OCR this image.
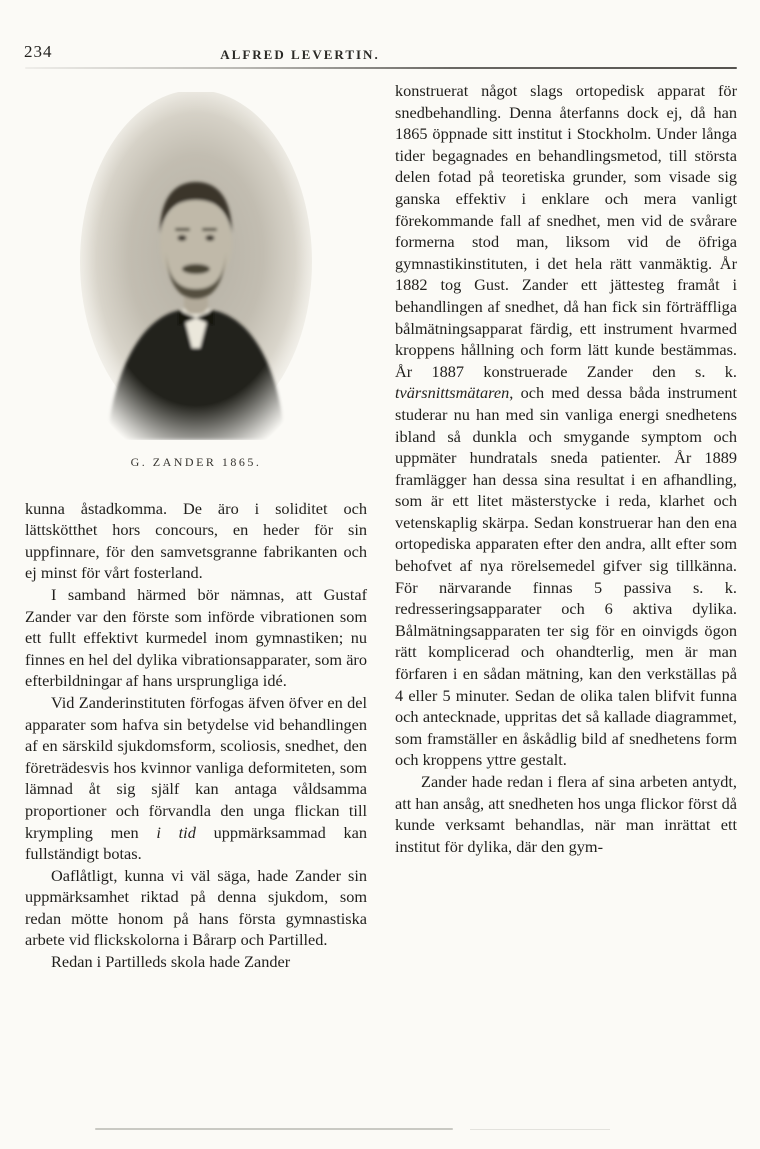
234	ALFRED LEVERTIN.
G. ZANDER 1865.

kunna åstadkomma. De äro i soliditet och lättskötthet hors concours, en heder för sin uppfinnare, för den samvetsgranne fabrikanten och ej minst för vårt fosterland.

I samband härmed bör nämnas, att Gustaf Zander var den förste som införde vibrationen som ett fullt effektivt kurmedel inom gymnastiken; nu finnes en hel del dylika vibrationsapparater, som äro efterbildningar af hans ursprungliga idé.

Vid Zanderinstituten förfogas äfven öfver en del apparater som hafva sin betydelse vid behandlingen af en särskild sjukdomsform, scoliosis, snedhet, den företrädesvis hos kvinnor vanliga deformiteten, som lämnad åt sig själf kan antaga våldsamma proportioner och förvandla den unga flickan till krympling men i tid uppmärksammad kan fullständigt botas.

Oaflåtligt, kunna vi väl säga, hade Zander sin uppmärksamhet riktad på denna sjukdom, som redan mötte honom på hans första gymnastiska arbete vid flickskolorna i Bårarp och Partilled.

Redan i Partilleds skola hade Zander

konstruerat något slags ortopedisk apparat för snedbehandling. Denna återfanns dock ej, då han 1865 öppnade sitt institut i Stockholm. Under långa tider begagnades en behandlingsmetod, till största delen fotad på teoretiska grunder, som visade sig ganska effektiv i enklare och mera vanligt förekommande fall af snedhet, men vid de svårare formerna stod man, liksom vid de öfriga gymnastikinstituten, i det hela rätt vanmäktig. År 1882 tog Gust. Zander ett jättesteg framåt i behandlingen af snedhet, då han fick sin förträffliga bålmätningsapparat färdig, ett instrument hvarmed kroppens hållning och form lätt kunde bestämmas. År 1887 konstruerade Zander den s. k. tvärsnittsmätaren, och med dessa båda instrument studerar nu han med sin vanliga energi snedhetens ibland så dunkla och smygande symptom och uppmäter hundratals sneda patienter. År 1889 framlägger han dessa sina resultat i en afhandling, som är ett litet mästerstycke i reda, klarhet och vetenskaplig skärpa. Sedan konstruerar han den ena ortopediska apparaten efter den andra, allt efter som behofvet af nya rörelsemedel gifver sig tillkänna. För närvarande finnas 5 passiva s. k. redresseringsapparater och 6 aktiva dylika. Bålmätningsapparaten ter sig för en oinvigds ögon rätt komplicerad och ohandterlig, men är man förfaren i en sådan mätning, kan den verkställas på 4 eller 5 minuter. Sedan de olika talen blifvit funna och antecknade, uppritas det så kallade diagrammet, som framställer en åskådlig bild af snedhetens form och kroppens yttre gestalt.

Zander hade redan i flera af sina arbeten antydt, att han ansåg, att snedheten hos unga flickor först då kunde verksamt behandlas, när man inrättat ett institut för dylika, där den gym-
